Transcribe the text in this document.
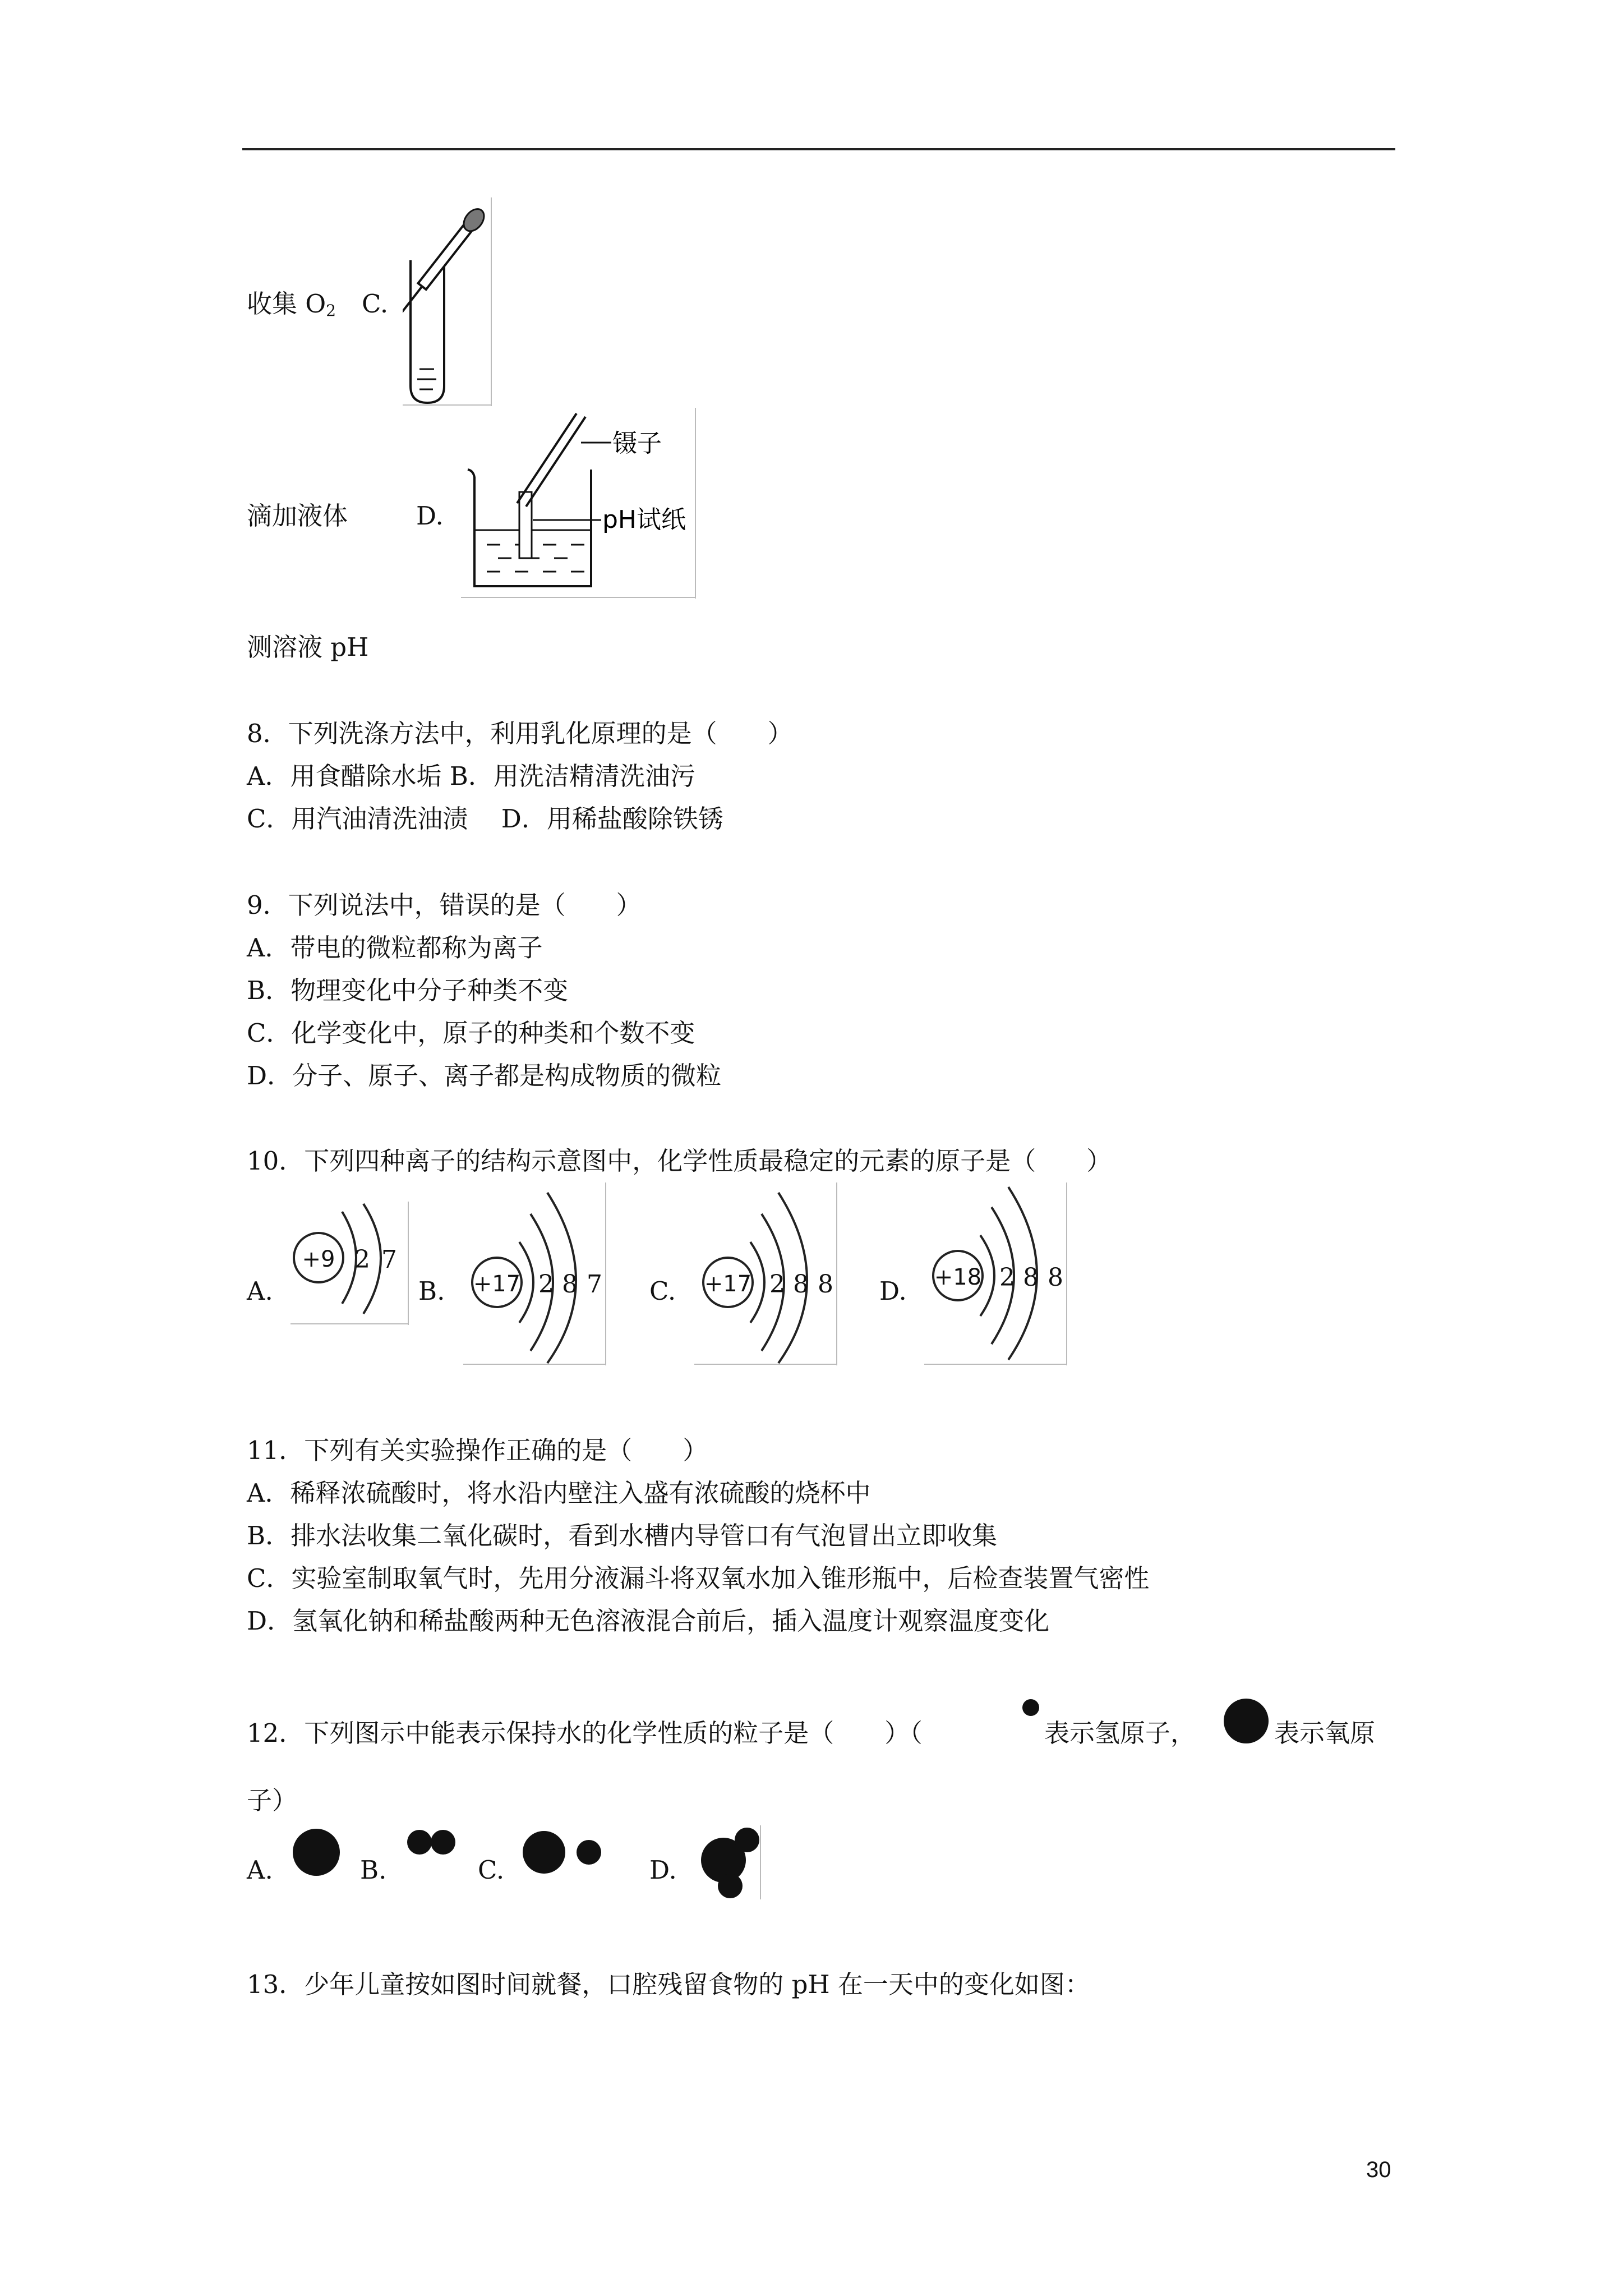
收集 $O_2$ C.
滴加液体	D.
镊子
pH试纸
测溶液 pH
8．下列洗涤方法中，利用乳化原理的是（　　）
A．用食醋除水垢 B．用洗洁精清洗油污
C．用汽油清洗油渍　 D．用稀盐酸除铁锈
9．下列说法中，错误的是（　　）
A．带电的微粒都称为离子
B．物理变化中分子种类不变
C．化学变化中，原子的种类和个数不变
D．分子、原子、离子都是构成物质的微粒
10．下列四种离子的结构示意图中，化学性质最稳定的元素的原子是（　　）
A.
+9 2 7
B. +17 2 8 7 C. +17 2 8 8 D. +18 2 8 8
11．下列有关实验操作正确的是（　　）
A．稀释浓硫酸时，将水沿内壁注入盛有浓硫酸的烧杯中
B．排水法收集二氧化碳时，看到水槽内导管口有气泡冒出立即收集
C．实验室制取氧气时，先用分液漏斗将双氧水加入锥形瓶中，后检查装置气密性
D．氢氧化钠和稀盐酸两种无色溶液混合前后，插入温度计观察温度变化
12．下列图示中能表示保持水的化学性质的粒子是（　　）（	表示氢原子，	表示氧原
子）
A.	B.	C.	D.
13．少年儿童按如图时间就餐，口腔残留食物的 pH 在一天中的变化如图：
30
